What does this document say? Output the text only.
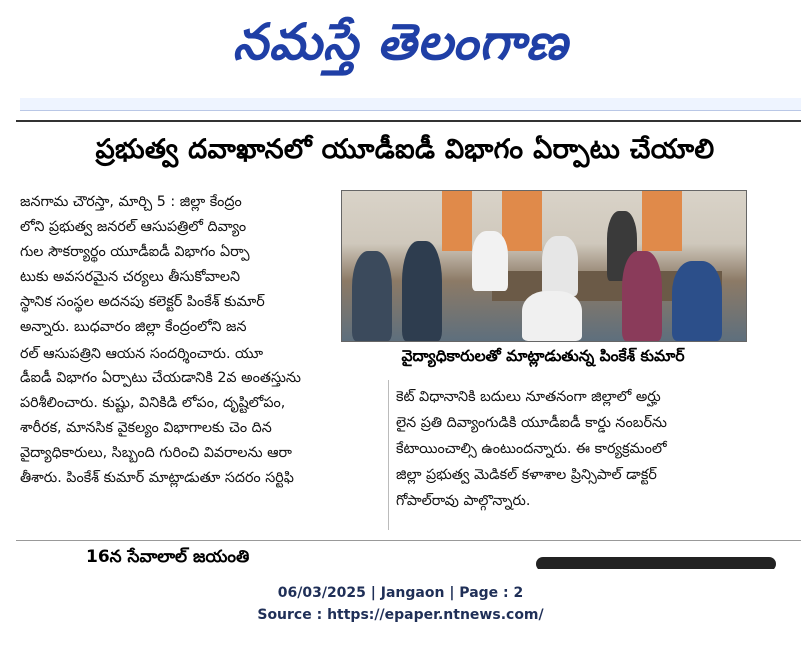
నమస్తే తెలంగాణ
ప్రభుత్వ దవాఖానలో యూడీఐడీ విభాగం ఏర్పాటు చేయాలి
జనగామ చౌరస్తా, మార్చి 5 : జిల్లా కేంద్రం
లోని ప్రభుత్వ జనరల్ ఆసుపత్రిలో దివ్యాం
గుల సౌకర్యార్థం యూడీఐడీ విభాగం ఏర్పా
టుకు అవసరమైన చర్యలు తీసుకోవాలని
స్థానిక సంస్థల అదనపు కలెక్టర్ పింకేశ్ కుమార్
అన్నారు. బుధవారం జిల్లా కేంద్రంలోని జన
రల్ ఆసుపత్రిని ఆయన సందర్శించారు. యూ
డీఐడీ విభాగం ఏర్పాటు చేయడానికి 2వ అంతస్తును
పరిశీలించారు. కుష్టు, వినికిడి లోపం, దృష్టిలోపం,
శారీరక, మానసిక వైకల్యం విభాగాలకు చెం దిన
వైద్యాధికారులు, సిబ్బంది గురించి వివరాలను ఆరా
తీశారు. పింకేశ్ కుమార్ మాట్లాడుతూ సదరం సర్టిఫి
వైద్యాధికారులతో మాట్లాడుతున్న పింకేశ్ కుమార్
కెట్ విధానానికి బదులు నూతనంగా జిల్లాలో అర్హు
లైన ప్రతి దివ్యాంగుడికి యూడీఐడీ కార్డు నంబర్‌ను
కేటాయించాల్సి ఉంటుందన్నారు. ఈ కార్యక్రమంలో
జిల్లా ప్రభుత్వ మెడికల్ కళాశాల ప్రిన్సిపాల్ డాక్టర్
గోపాల్‌రావు పాల్గొన్నారు.
16న సేవాలాల్ జయంతి
06/03/2025 | Jangaon | Page : 2
Source : https://epaper.ntnews.com/
